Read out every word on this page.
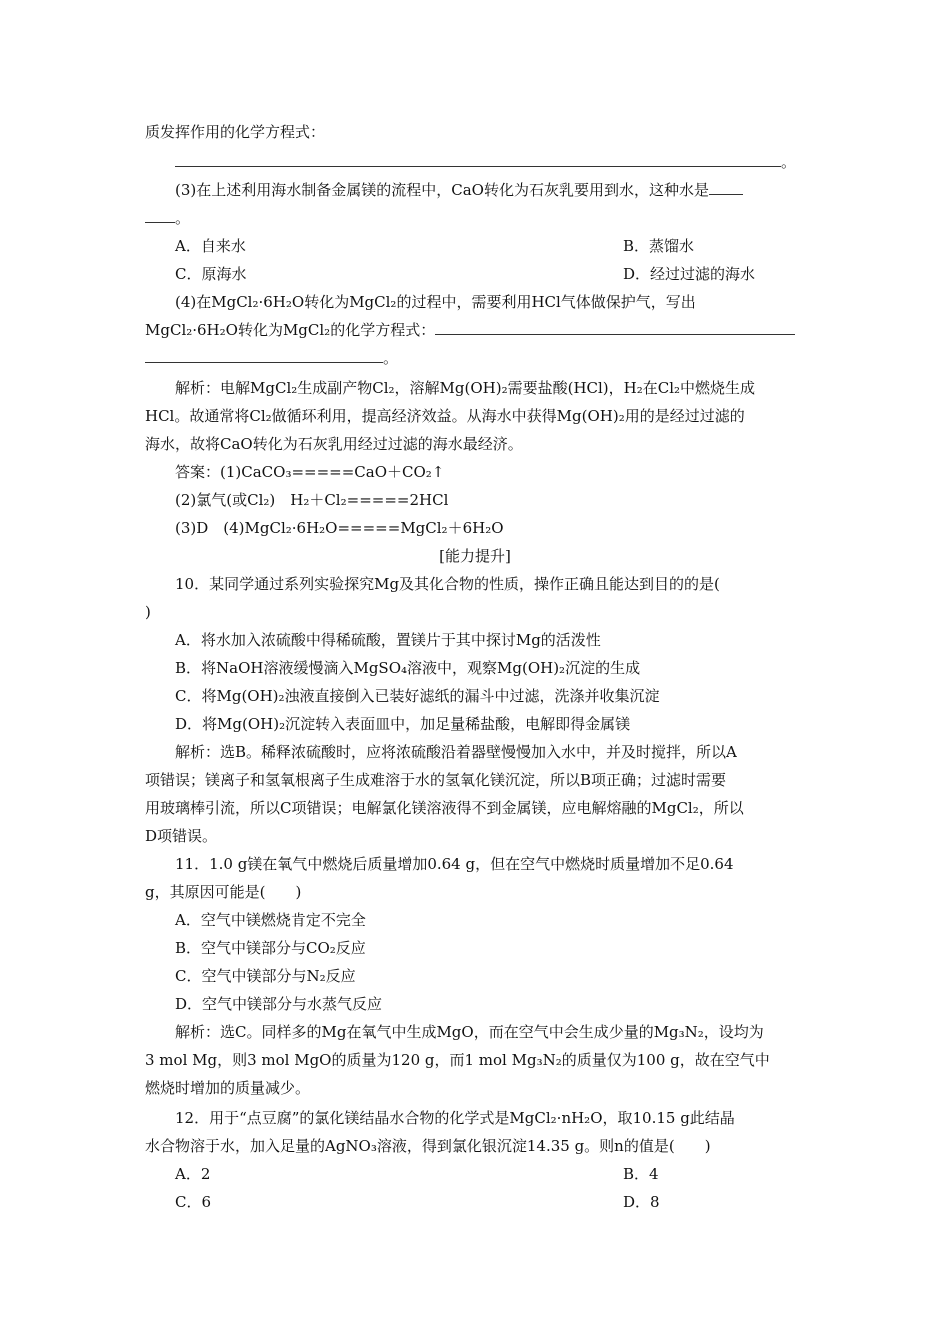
质发挥作用的化学方程式：
。
(3)在上述利用海水制备金属镁的流程中，CaO转化为石灰乳要用到水，这种水是
。
A．自来水	B．蒸馏水
C．原海水	D．经过过滤的海水
(4)在MgCl₂·6H₂O转化为MgCl₂的过程中，需要利用HCl气体做保护气，写出
MgCl₂·6H₂O转化为MgCl₂的化学方程式：
。
解析：电解MgCl₂生成副产物Cl₂，溶解Mg(OH)₂需要盐酸(HCl)，H₂在Cl₂中燃烧生成
HCl。故通常将Cl₂做循环利用，提高经济效益。从海水中获得Mg(OH)₂用的是经过过滤的
海水，故将CaO转化为石灰乳用经过过滤的海水最经济。
答案：(1)CaCO₃=====CaO＋CO₂↑
(2)氯气(或Cl₂)　H₂＋Cl₂=====2HCl
(3)D　(4)MgCl₂·6H₂O=====MgCl₂＋6H₂O
[能力提升]
10．某同学通过系列实验探究Mg及其化合物的性质，操作正确且能达到目的的是(
)
A．将水加入浓硫酸中得稀硫酸，置镁片于其中探讨Mg的活泼性
B．将NaOH溶液缓慢滴入MgSO₄溶液中，观察Mg(OH)₂沉淀的生成
C．将Mg(OH)₂浊液直接倒入已装好滤纸的漏斗中过滤，洗涤并收集沉淀
D．将Mg(OH)₂沉淀转入表面皿中，加足量稀盐酸，电解即得金属镁
解析：选B。稀释浓硫酸时，应将浓硫酸沿着器壁慢慢加入水中，并及时搅拌，所以A
项错误；镁离子和氢氧根离子生成难溶于水的氢氧化镁沉淀，所以B项正确；过滤时需要
用玻璃棒引流，所以C项错误；电解氯化镁溶液得不到金属镁，应电解熔融的MgCl₂，所以
D项错误。
11．1.0 g镁在氧气中燃烧后质量增加0.64 g，但在空气中燃烧时质量增加不足0.64
g，其原因可能是(　　)
A．空气中镁燃烧肯定不完全
B．空气中镁部分与CO₂反应
C．空气中镁部分与N₂反应
D．空气中镁部分与水蒸气反应
解析：选C。同样多的Mg在氧气中生成MgO，而在空气中会生成少量的Mg₃N₂，设均为
3 mol Mg，则3 mol MgO的质量为120 g，而1 mol Mg₃N₂的质量仅为100 g，故在空气中
燃烧时增加的质量减少。
12．用于“点豆腐”的氯化镁结晶水合物的化学式是MgCl₂·nH₂O，取10.15 g此结晶
水合物溶于水，加入足量的AgNO₃溶液，得到氯化银沉淀14.35 g。则n的值是(　　)
A．2	B．4
C．6	D．8
